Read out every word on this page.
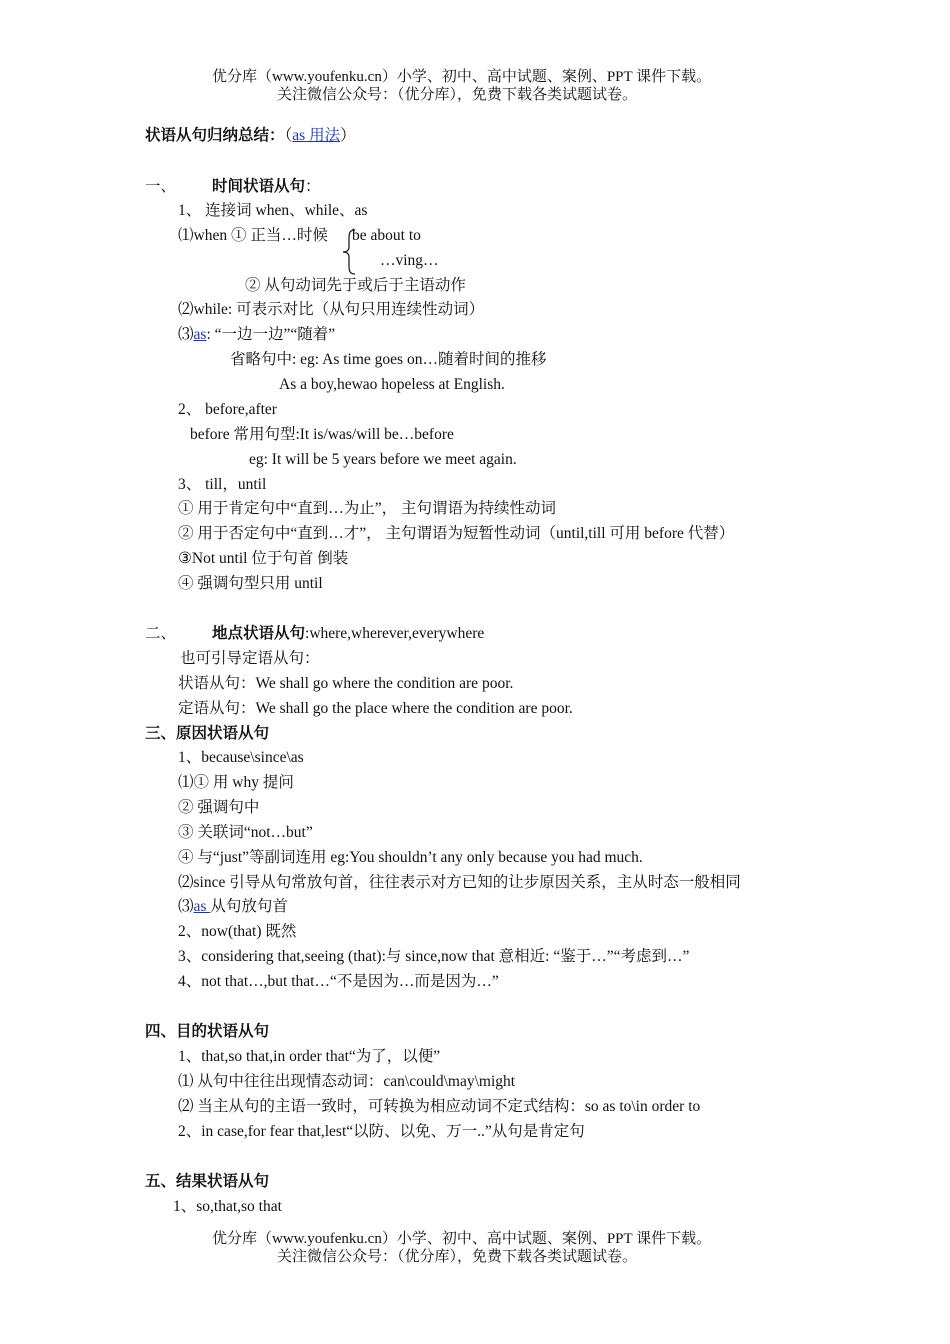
优分库（www.youfenku.cn）小学、初中、高中试题、案例、PPT 课件下载。
关注微信公众号：（优分库），免费下载各类试题试卷。
状语从句归纳总结：（as 用法）
一、 时间状语从句：
1、 连接词 when、while、as
⑴when ① 正当…时候 be about to
…ving…
② 从句动词先于或后于主语动作
⑵while: 可表示对比（从句只用连续性动词）
⑶as: “一边一边”“随着”
省略句中: eg: As time goes on…随着时间的推移
As a boy,hewao hopeless at English.
2、 before,after
before 常用句型:It is/was/will be…before
eg: It will be 5 years before we meet again.
3、 till，until
① 用于肯定句中“直到…为止”， 主句谓语为持续性动词
② 用于否定句中“直到…才”， 主句谓语为短暂性动词（until,till 可用 before 代替）
③Not until 位于句首 倒装
④ 强调句型只用 until
二、 地点状语从句:where,wherever,everywhere
也可引导定语从句：
状语从句：We shall go where the condition are poor.
定语从句：We shall go the place where the condition are poor.
三、原因状语从句
1、because\since\as
⑴① 用 why 提问
② 强调句中
③ 关联词“not…but”
④ 与“just”等副词连用 eg:You shouldn’t any only because you had much.
⑵since 引导从句常放句首，往往表示对方已知的让步原因关系，主从时态一般相同
⑶as 从句放句首
2、now(that) 既然
3、considering that,seeing (that):与 since,now that 意相近: “鉴于…”“考虑到…”
4、not that…,but that…“不是因为…而是因为…”
四、目的状语从句
1、that,so that,in order that“为了，以便”
⑴ 从句中往往出现情态动词：can\could\may\might
⑵ 当主从句的主语一致时，可转换为相应动词不定式结构：so as to\in order to
2、in case,for fear that,lest“以防、以免、万一..”从句是肯定句
五、结果状语从句
1、so,that,so that
优分库（www.youfenku.cn）小学、初中、高中试题、案例、PPT 课件下载。
关注微信公众号：（优分库），免费下载各类试题试卷。
